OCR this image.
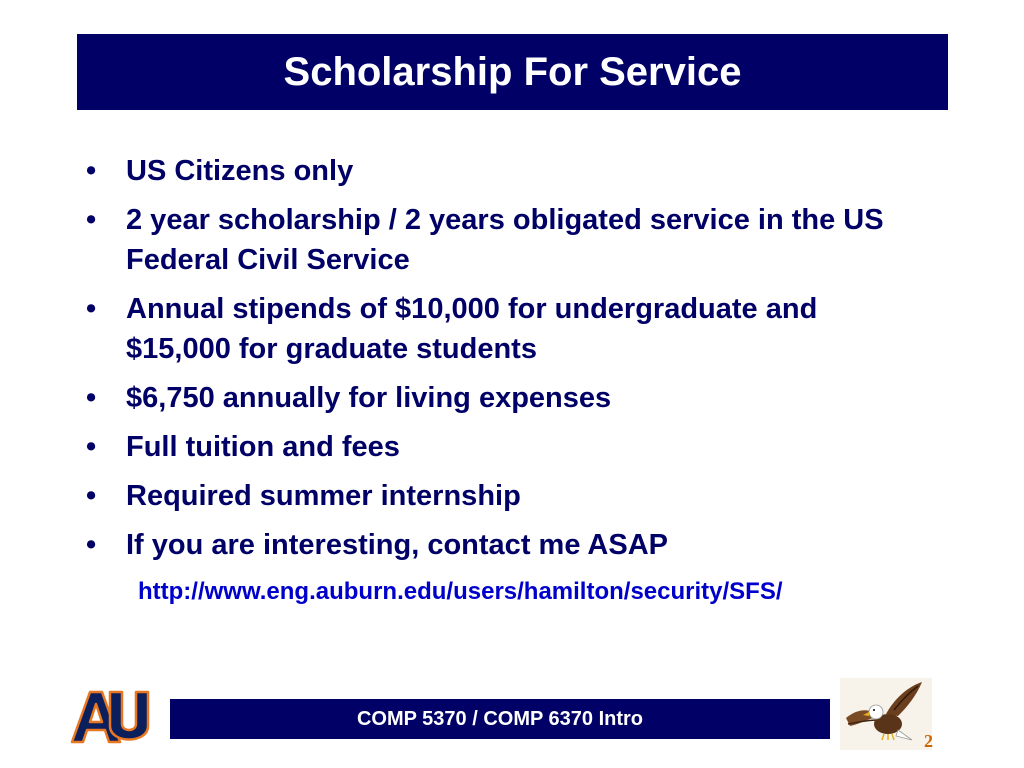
Scholarship For Service
•	US Citizens only
•	2 year scholarship / 2 years obligated service in the US Federal Civil Service
•	Annual stipends of $10,000 for undergraduate and $15,000 for graduate students
•	$6,750 annually for living expenses
•	Full tuition and fees
•	Required summer internship
•	If you are interesting, contact me ASAP
http://www.eng.auburn.edu/users/hamilton/security/SFS/
COMP 5370 / COMP 6370 Intro
2
